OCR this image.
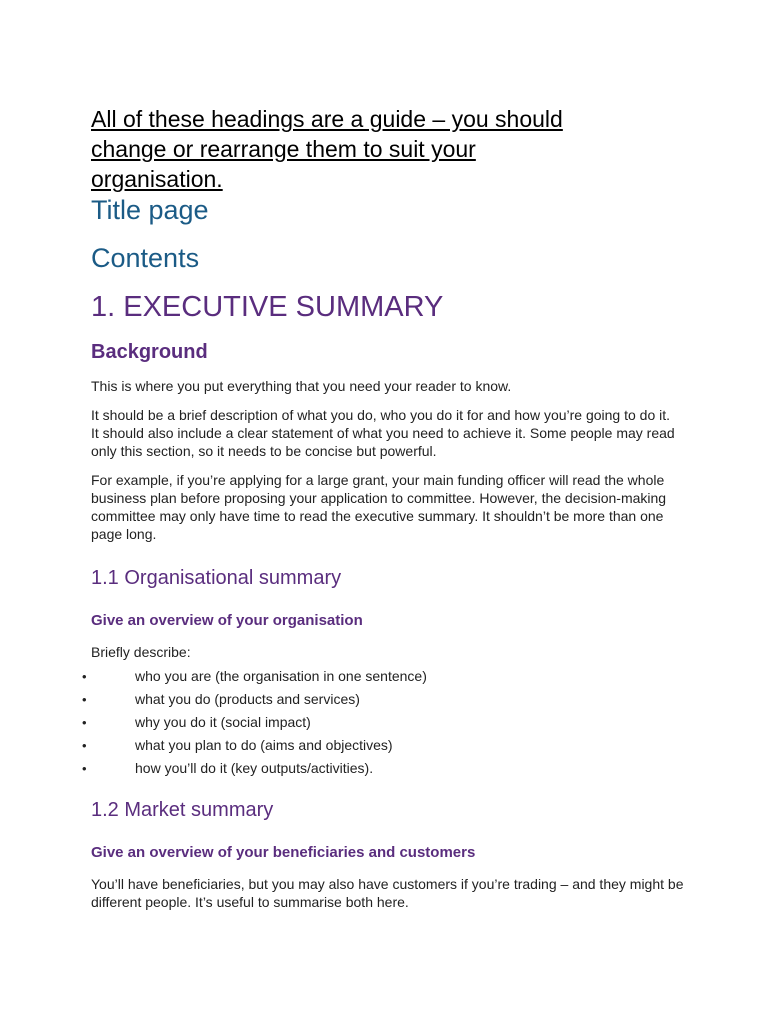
All of these headings are a guide – you should
change or rearrange them to suit your
organisation.

Title page
Contents
1. EXECUTIVE SUMMARY
Background

This is where you put everything that you need your reader to know.

It should be a brief description of what you do, who you do it for and how you’re going to do it. It should also include a clear statement of what you need to achieve it. Some people may read only this section, so it needs to be concise but powerful.

For example, if you’re applying for a large grant, your main funding officer will read the whole business plan before proposing your application to committee. However, the decision-making committee may only have time to read the executive summary. It shouldn’t be more than one page long.

1.1 Organisational summary
Give an overview of your organisation

Briefly describe:

•	who you are (the organisation in one sentence)
•	what you do (products and services)
•	why you do it (social impact)
•	what you plan to do (aims and objectives)
•	how you’ll do it (key outputs/activities).
1.2 Market summary
Give an overview of your beneficiaries and customers

You’ll have beneficiaries, but you may also have customers if you’re trading – and they might be different people. It’s useful to summarise both here.
